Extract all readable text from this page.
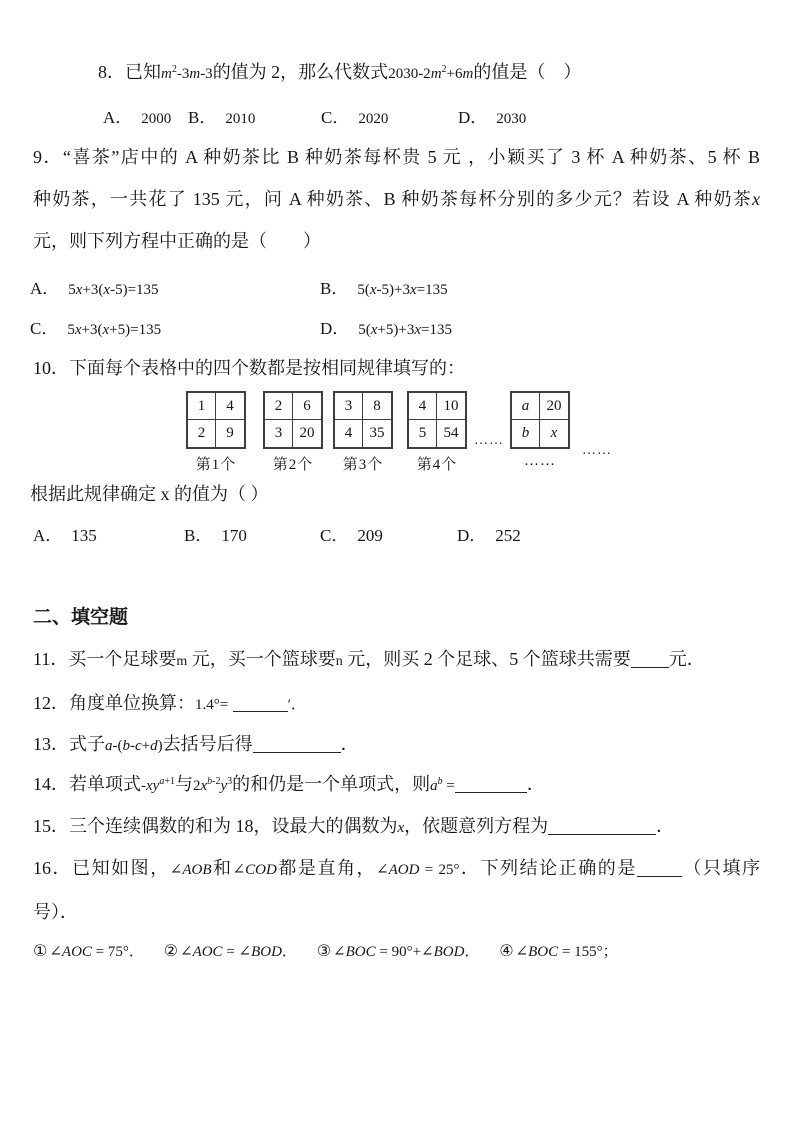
8．已知$m^2-3m-3$的值为 2，那么代数式$2030-2m^2+6m$的值是（　）
A． 2000 B． 2010	C． 2020	D． 2030
9．“喜茶”店中的 A 种奶茶比 B 种奶茶每杯贵 5 元 ，小颖买了 3 杯 A 种奶茶、5 杯 B
种奶茶，一共花了 135 元，问 A 种奶茶、B 种奶茶每杯分别的多少元？若设 A 种奶茶x
元，则下列方程中正确的是（　　）
A． 5x+3(x-5)=135	B． 5(x-5)+3x=135
C． 5x+3(x+5)=135	D． 5(x+5)+3x=135
10．下面每个表格中的四个数都是按相同规律填写的：
1	4
2	9
第1个
2	6
3	20
第2个
3	8
4	35
第3个
4	10
5	54
第4个
……
a	20
b	x
……
……
根据此规律确定 x 的值为（ ）
A． 135	B． 170	C． 209	D． 252
二、填空题
11．买一个足球要m 元，买一个篮球要n 元，则买 2 个足球、5 个篮球共需要 元．
12．角度单位换算：1.4°=	′．
13．式子a-(b-c+d)去括号后得	．
14．若单项式$-xy^{a+1}$与$2x^{b-2}y^3$的和仍是一个单项式，则$a^b$ =	．
15．三个连续偶数的和为 18，设最大的偶数为x，依题意列方程为	．
16．已知如图，∠AOB和∠COD都是直角，∠AOD = 25°．下列结论正确的是	（只填序
号）．
① ∠AOC = 75°． ② ∠AOC = ∠BOD． ③ ∠BOC = 90°+∠BOD． ④ ∠BOC = 155°；
